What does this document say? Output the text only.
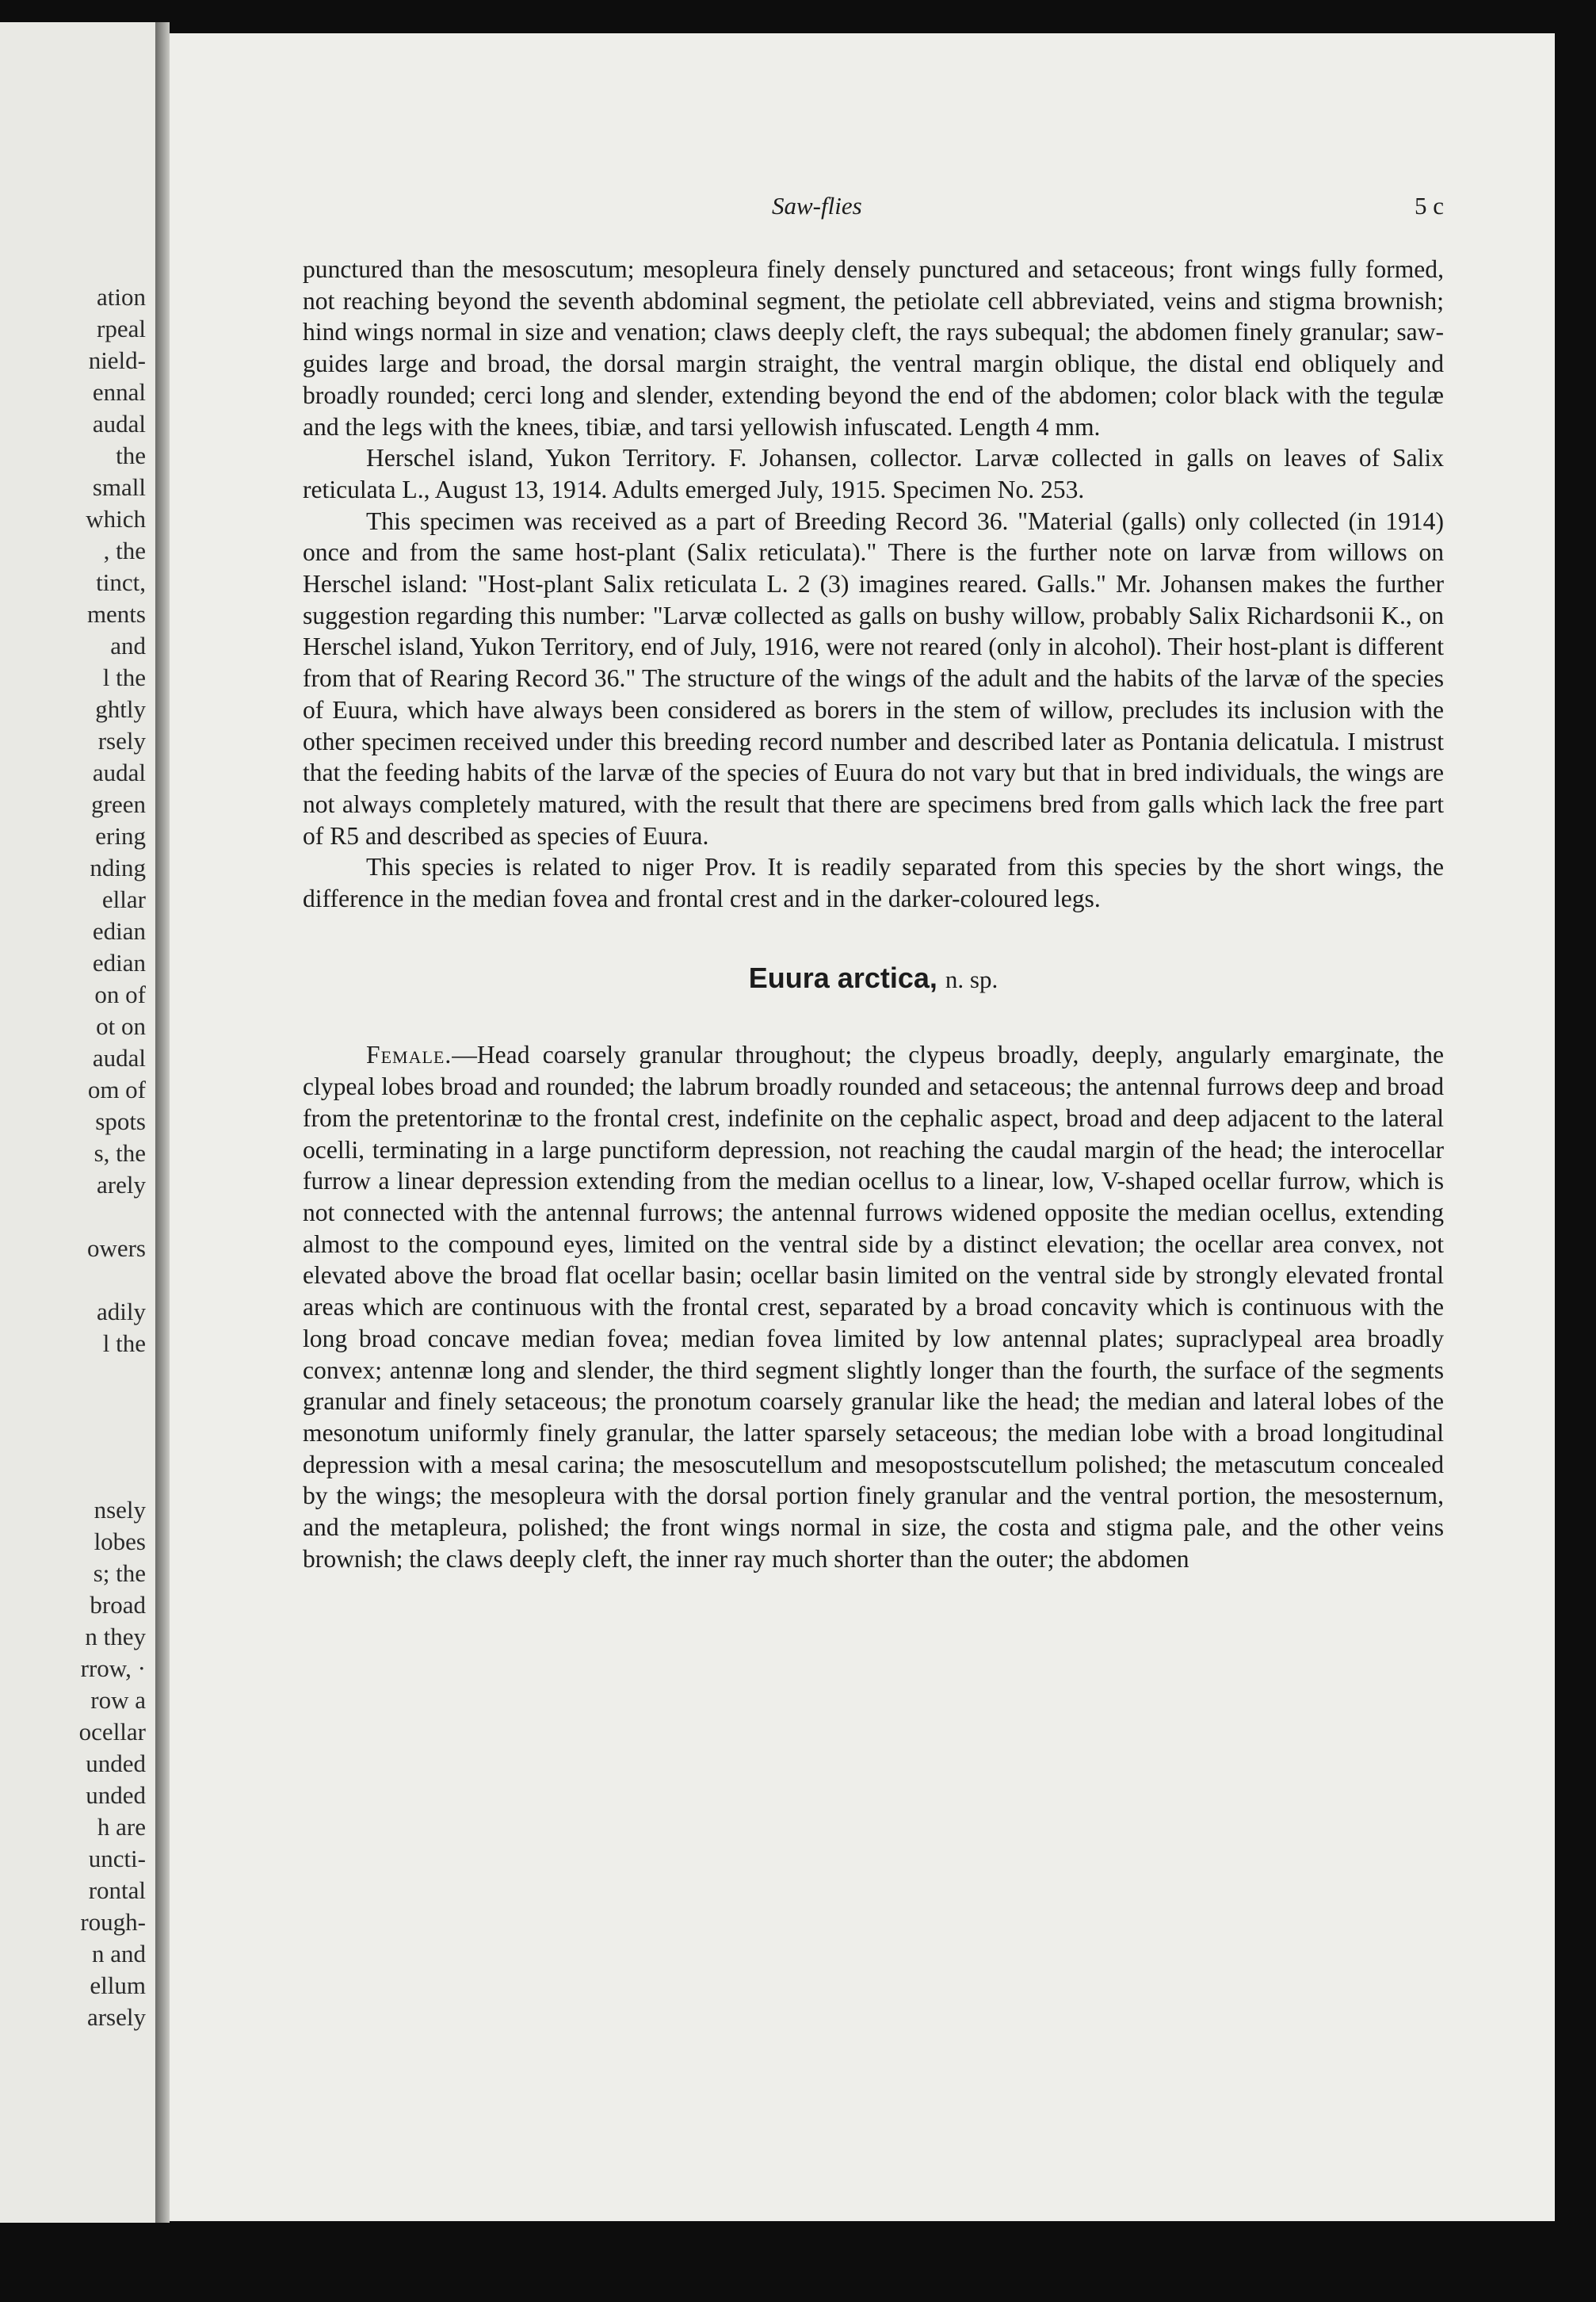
ation
rpeal
nield-
ennal
audal
the
small
which
, the
tinct,
ments
and
l the
ghtly
rsely
audal
green
ering
nding
ellar
edian
edian
on of
ot on
audal
om of
spots
s, the
arely
owers
adily
l the
nsely
lobes
s; the
broad
n they
rrow, ·
row a
ocellar
unded
unded
h are
uncti-
rontal
rough-
n and
ellum
arsely
Saw-flies	5 c

punctured than the mesoscutum; mesopleura finely densely punctured and setaceous; front wings fully formed, not reaching beyond the seventh abdominal segment, the petiolate cell abbreviated, veins and stigma brownish; hind wings normal in size and venation; claws deeply cleft, the rays subequal; the abdomen finely granular; saw-guides large and broad, the dorsal margin straight, the ventral margin oblique, the distal end obliquely and broadly rounded; cerci long and slender, extending beyond the end of the abdomen; color black with the tegulæ and the legs with the knees, tibiæ, and tarsi yellowish infuscated. Length 4 mm.

Herschel island, Yukon Territory. F. Johansen, collector. Larvæ collected in galls on leaves of Salix reticulata L., August 13, 1914. Adults emerged July, 1915. Specimen No. 253.

This specimen was received as a part of Breeding Record 36. "Material (galls) only collected (in 1914) once and from the same host-plant (Salix reticulata)." There is the further note on larvæ from willows on Herschel island: "Host-plant Salix reticulata L. 2 (3) imagines reared. Galls." Mr. Johansen makes the further suggestion regarding this number: "Larvæ collected as galls on bushy willow, probably Salix Richardsonii K., on Herschel island, Yukon Territory, end of July, 1916, were not reared (only in alcohol). Their host-plant is different from that of Rearing Record 36." The structure of the wings of the adult and the habits of the larvæ of the species of Euura, which have always been considered as borers in the stem of willow, precludes its inclusion with the other specimen received under this breeding record number and described later as Pontania delicatula. I mistrust that the feeding habits of the larvæ of the species of Euura do not vary but that in bred individuals, the wings are not always completely matured, with the result that there are specimens bred from galls which lack the free part of R5 and described as species of Euura.

This species is related to niger Prov. It is readily separated from this species by the short wings, the difference in the median fovea and frontal crest and in the darker-coloured legs.

Euura arctica, n. sp.

Female.—Head coarsely granular throughout; the clypeus broadly, deeply, angularly emarginate, the clypeal lobes broad and rounded; the labrum broadly rounded and setaceous; the antennal furrows deep and broad from the pretentorinæ to the frontal crest, indefinite on the cephalic aspect, broad and deep adjacent to the lateral ocelli, terminating in a large punctiform depression, not reaching the caudal margin of the head; the interocellar furrow a linear depression extending from the median ocellus to a linear, low, V-shaped ocellar furrow, which is not connected with the antennal furrows; the antennal furrows widened opposite the median ocellus, extending almost to the compound eyes, limited on the ventral side by a distinct elevation; the ocellar area convex, not elevated above the broad flat ocellar basin; ocellar basin limited on the ventral side by strongly elevated frontal areas which are continuous with the frontal crest, separated by a broad concavity which is continuous with the long broad concave median fovea; median fovea limited by low antennal plates; supraclypeal area broadly convex; antennæ long and slender, the third segment slightly longer than the fourth, the surface of the segments granular and finely setaceous; the pronotum coarsely granular like the head; the median and lateral lobes of the mesonotum uniformly finely granular, the latter sparsely setaceous; the median lobe with a broad longitudinal depression with a mesal carina; the mesoscutellum and mesopostscutellum polished; the metascutum concealed by the wings; the mesopleura with the dorsal portion finely granular and the ventral portion, the mesosternum, and the metapleura, polished; the front wings normal in size, the costa and stigma pale, and the other veins brownish; the claws deeply cleft, the inner ray much shorter than the outer; the abdomen
